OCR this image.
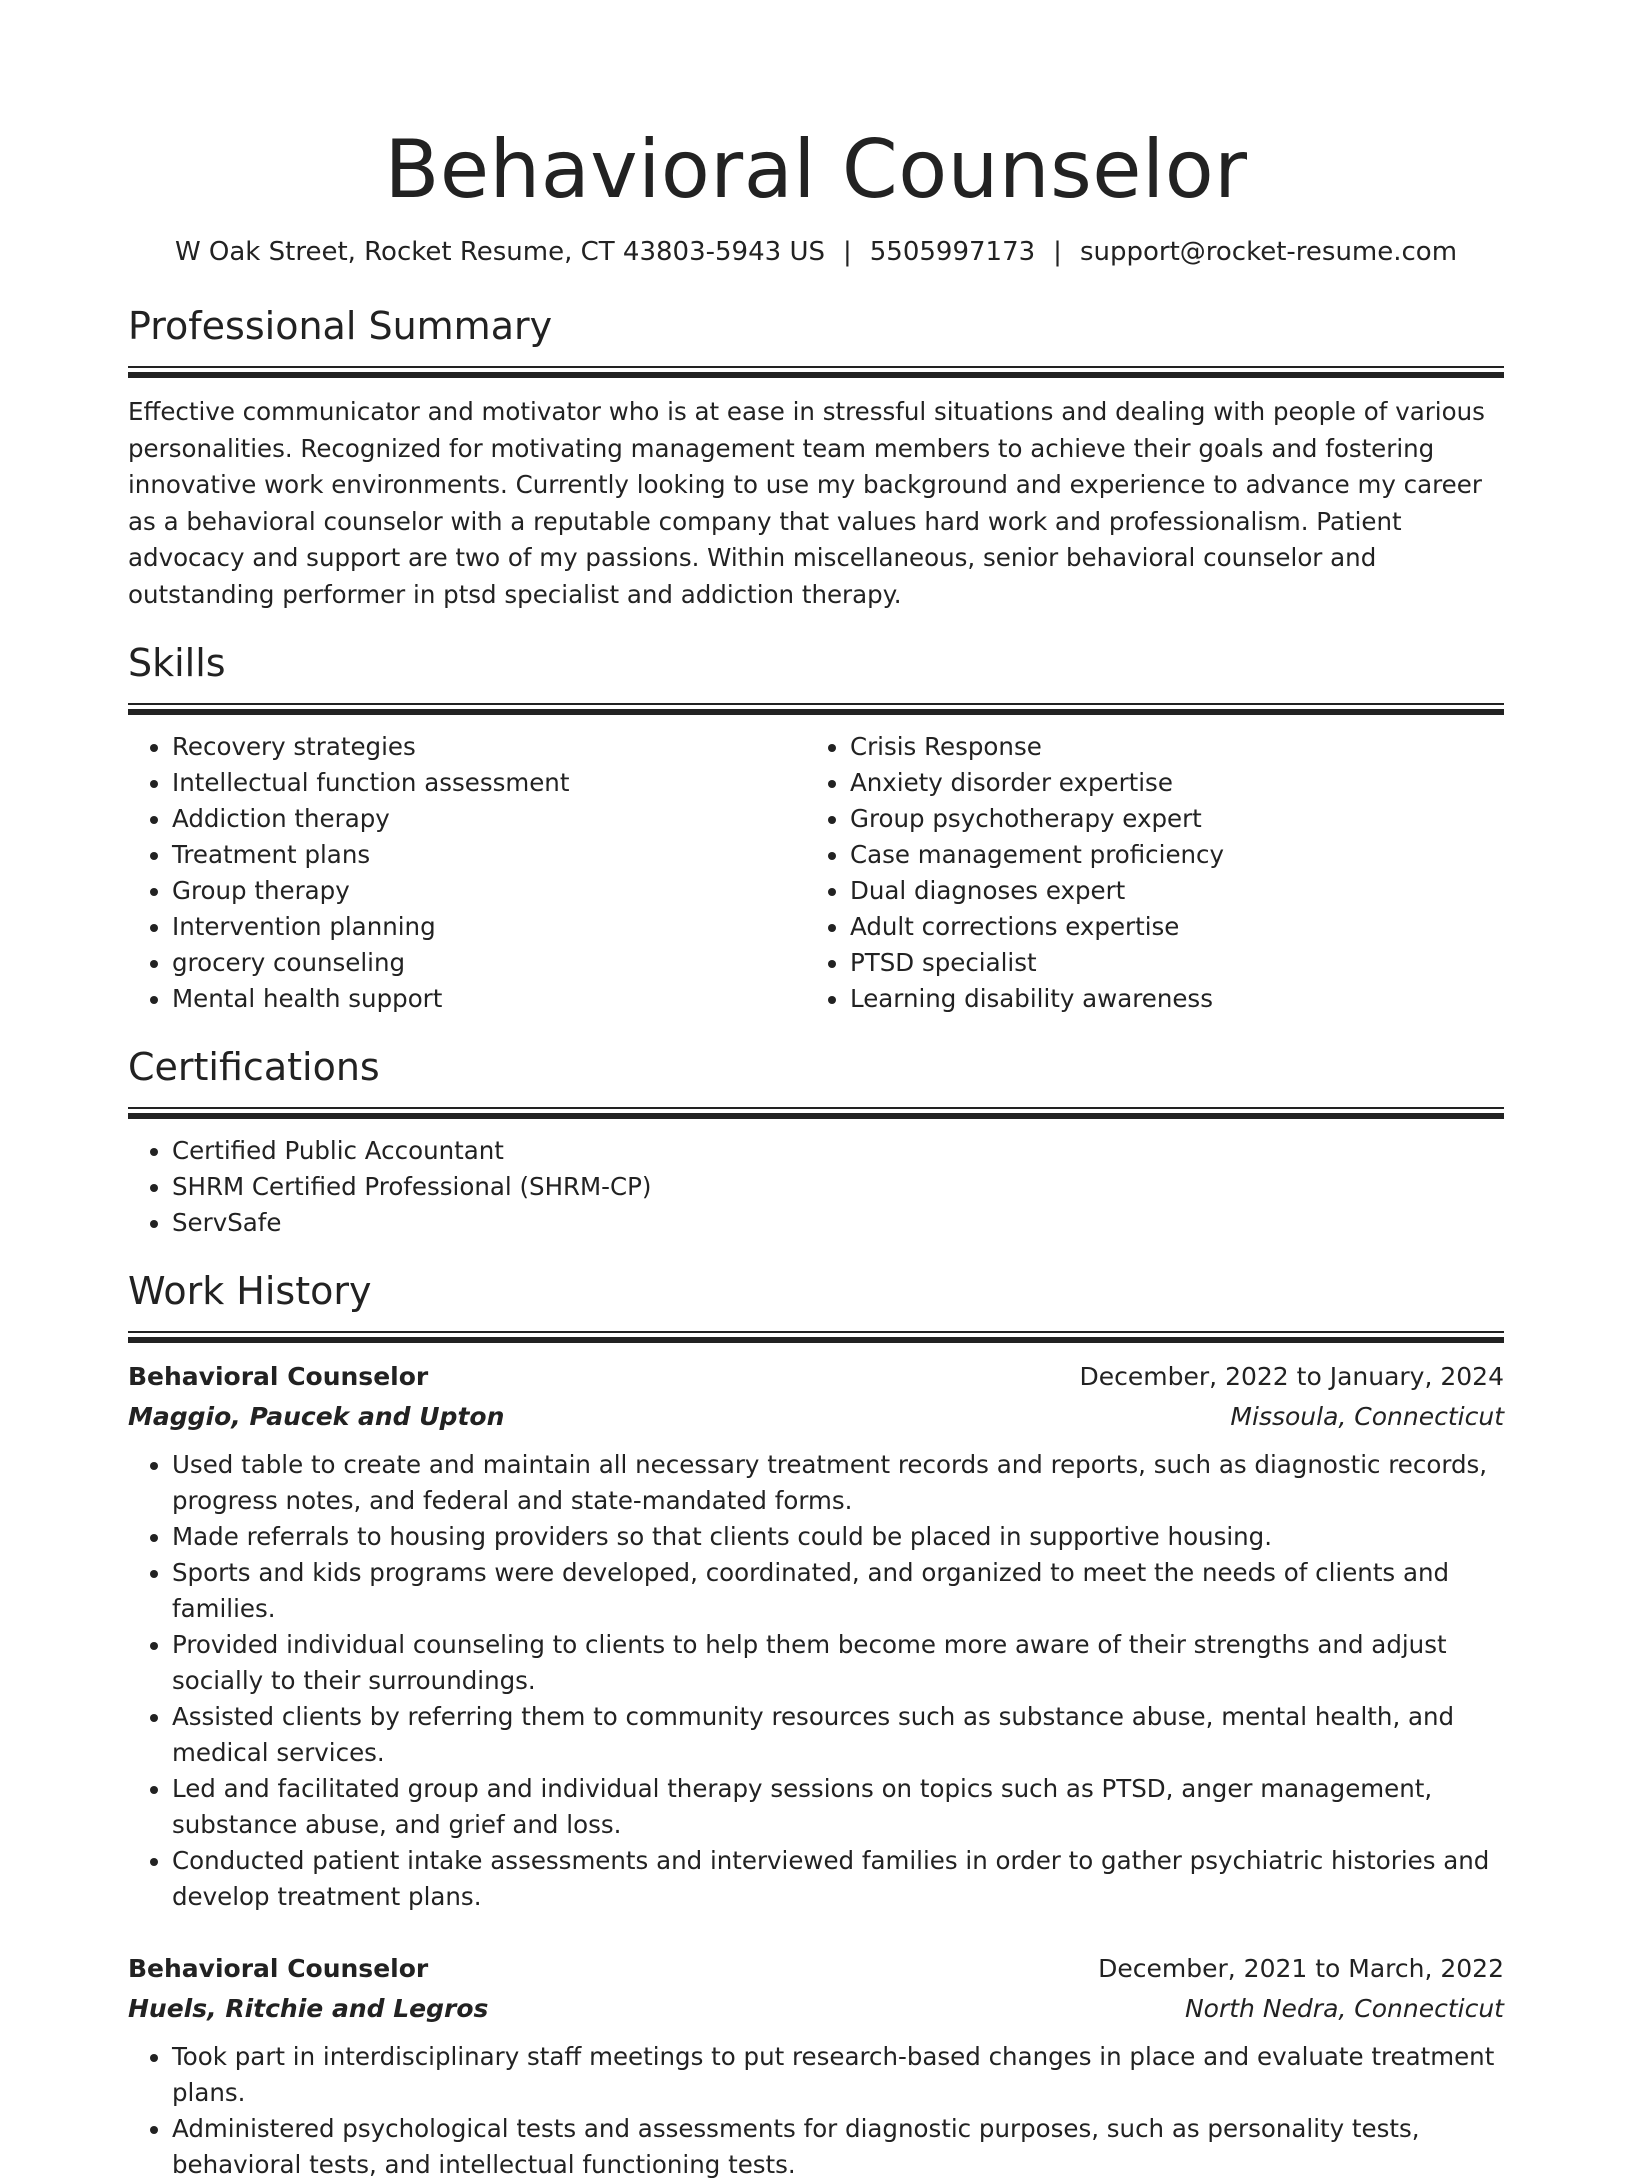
Behavioral Counselor
W Oak Street, Rocket Resume, CT 43803-5943 US | 5505997173 | support@rocket-resume.com
Professional Summary

Effective communicator and motivator who is at ease in stressful situations and dealing with people of various personalities. Recognized for motivating management team members to achieve their goals and fostering innovative work environments. Currently looking to use my background and experience to advance my career as a behavioral counselor with a reputable company that values hard work and professionalism. Patient advocacy and support are two of my passions. Within miscellaneous, senior behavioral counselor and outstanding performer in ptsd specialist and addiction therapy.

Skills
• Recovery strategies
• Intellectual function assessment
• Addiction therapy
• Treatment plans
• Group therapy
• Intervention planning
• grocery counseling
• Mental health support
• Crisis Response
• Anxiety disorder expertise
• Group psychotherapy expert
• Case management proficiency
• Dual diagnoses expert
• Adult corrections expertise
• PTSD specialist
• Learning disability awareness
Certifications
• Certified Public Accountant
• SHRM Certified Professional (SHRM-CP)
• ServSafe
Work History
Behavioral Counselor	December, 2022 to January, 2024
Maggio, Paucek and Upton	Missoula, Connecticut
• Used table to create and maintain all necessary treatment records and reports, such as diagnostic records, progress notes, and federal and state-mandated forms.
• Made referrals to housing providers so that clients could be placed in supportive housing.
• Sports and kids programs were developed, coordinated, and organized to meet the needs of clients and families.
• Provided individual counseling to clients to help them become more aware of their strengths and adjust socially to their surroundings.
• Assisted clients by referring them to community resources such as substance abuse, mental health, and medical services.
• Led and facilitated group and individual therapy sessions on topics such as PTSD, anger management, substance abuse, and grief and loss.
• Conducted patient intake assessments and interviewed families in order to gather psychiatric histories and develop treatment plans.
Behavioral Counselor	December, 2021 to March, 2022
Huels, Ritchie and Legros	North Nedra, Connecticut
• Took part in interdisciplinary staff meetings to put research-based changes in place and evaluate treatment plans.
• Administered psychological tests and assessments for diagnostic purposes, such as personality tests, behavioral tests, and intellectual functioning tests.
